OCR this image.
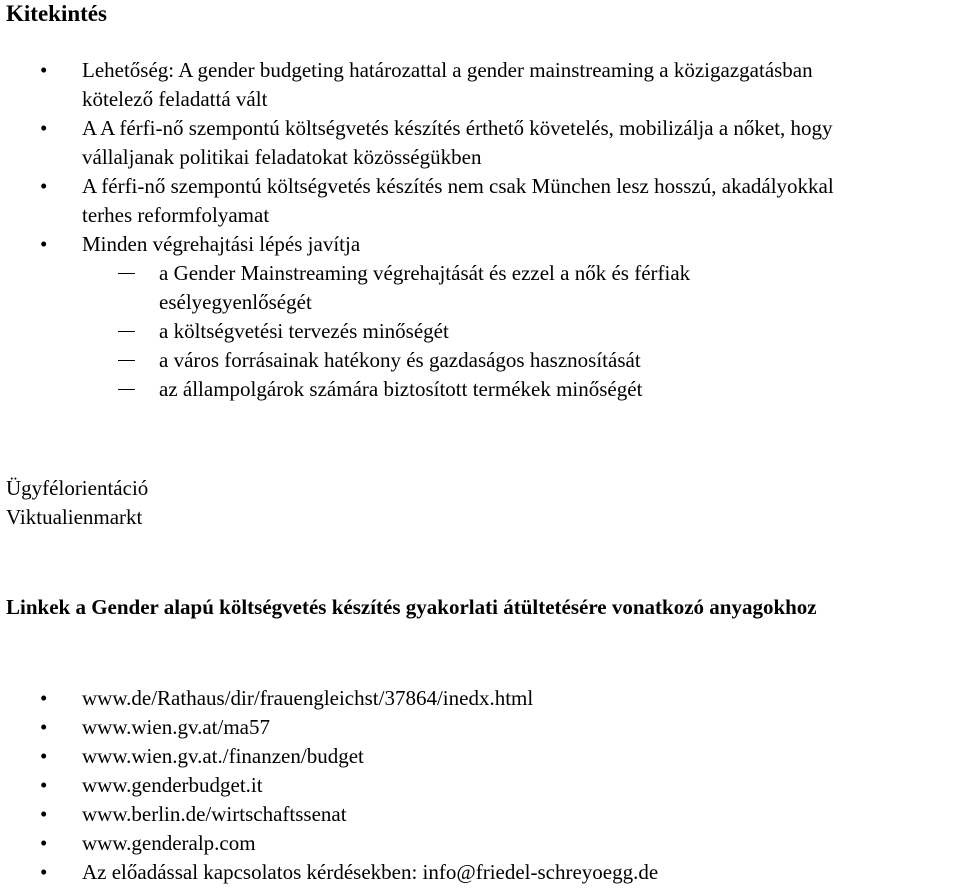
Kitekintés
• Lehetőség: A gender budgeting határozattal a gender mainstreaming a közigazgatásban kötelező feladattá vált
• A A férfi-nő szempontú költségvetés készítés érthető követelés, mobilizálja a nőket, hogy vállaljanak politikai feladatokat közösségükben
• A férfi-nő szempontú költségvetés készítés nem csak München lesz hosszú, akadályokkal terhes reformfolyamat
• Minden végrehajtási lépés javítja
a Gender Mainstreaming végrehajtását és ezzel a nők és férfiak esélyegyenlőségét
a költségvetési tervezés minőségét
a város forrásainak hatékony és gazdaságos hasznosítását
az állampolgárok számára biztosított termékek minőségét

Ügyfélorientáció

Viktualienmarkt

Linkek a Gender alapú költségvetés készítés gyakorlati átültetésére vonatkozó anyagokhoz
• www.de/Rathaus/dir/frauengleichst/37864/inedx.html
• www.wien.gv.at/ma57
• www.wien.gv.at./finanzen/budget
• www.genderbudget.it
• www.berlin.de/wirtschaftssenat
• www.genderalp.com
• Az előadással kapcsolatos kérdésekben: info@friedel-schreyoegg.de
